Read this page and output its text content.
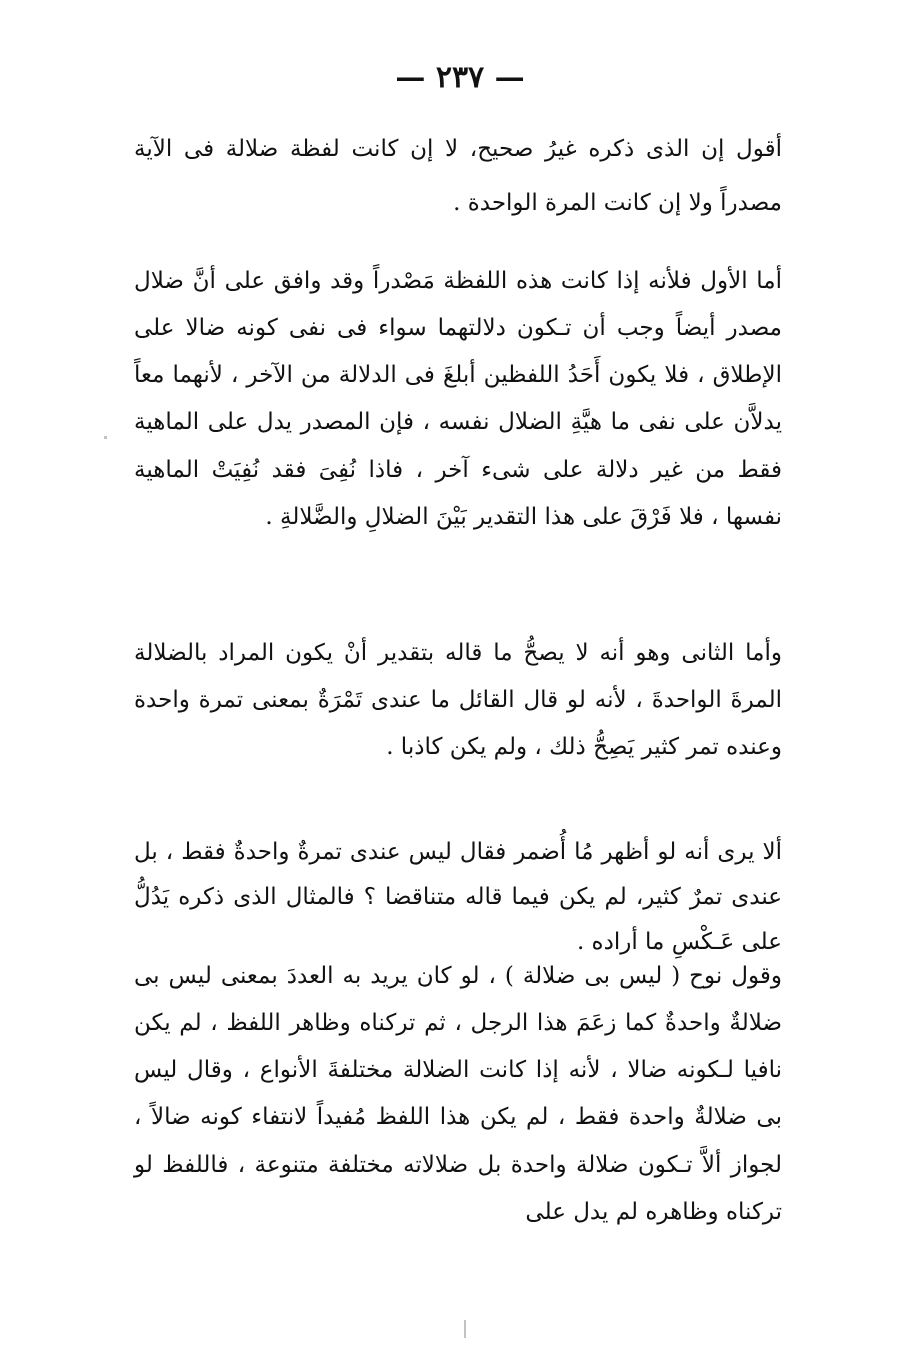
— ٢٣٧ —

أقول إن الذى ذكره غيرُ صحيح، لا إن كانت لفظة ضلالة فى الآية مصدراً ولا إن كانت المرة الواحدة .

أما الأول فلأنه إذا كانت هذه اللفظة مَصْدراً وقد وافق على أنَّ ضلال مصدر أيضاً وجب أن تـكون دلالتهما سواء فى نفى كونه ضالا على الإطلاق ، فلا يكون أَحَدُ اللفظين أبلغَ فى الدلالة من الآخر ، لأنهما معاً يدلاَّن على نفى ما هيَّةِ الضلال نفسه ، فإن المصدر يدل على الماهية فقط من غير دلالة على شىء آخر ، فاذا نُفِىَ فقد نُفِيَتْ الماهية نفسها ، فلا فَرْقَ على هذا التقدير بَيْنَ الضلالِ والضَّلالةِ .

وأما الثانى وهو أنه لا يصحُّ ما قاله بتقدير أنْ يكون المراد بالضلالة المرةَ الواحدةَ ، لأنه لو قال القائل ما عندى تَمْرَةٌ بمعنى تمرة واحدة وعنده تمر كثير يَصِحُّ ذلك ، ولم يكن كاذبا .

ألا يرى أنه لو أظهر مُا أُضمر فقال ليس عندى تمرةٌ واحدةٌ فقط ، بل عندى تمرٌ كثير، لم يكن فيما قاله متناقضا ؟ فالمثال الذى ذكره يَدُلُّ على عَـكْسِ ما أراده .

وقول نوح ( ليس بى ضلالة ) ، لو كان يريد به العددَ بمعنى ليس بى ضلالةٌ واحدةٌ كما زعَمَ هذا الرجل ، ثم تركناه وظاهر اللفظ ، لم يكن نافيا لـكونه ضالا ، لأنه إذا كانت الضلالة مختلفةَ الأنواع ، وقال ليس بى ضلالةٌ واحدة فقط ، لم يكن هذا اللفظ مُفيداً لانتفاء كونه ضالاً ، لجواز ألاَّ تـكون ضلالة واحدة بل ضلالاته مختلفة متنوعة ، فاللفظ لو تركناه وظاهره لم يدل على
